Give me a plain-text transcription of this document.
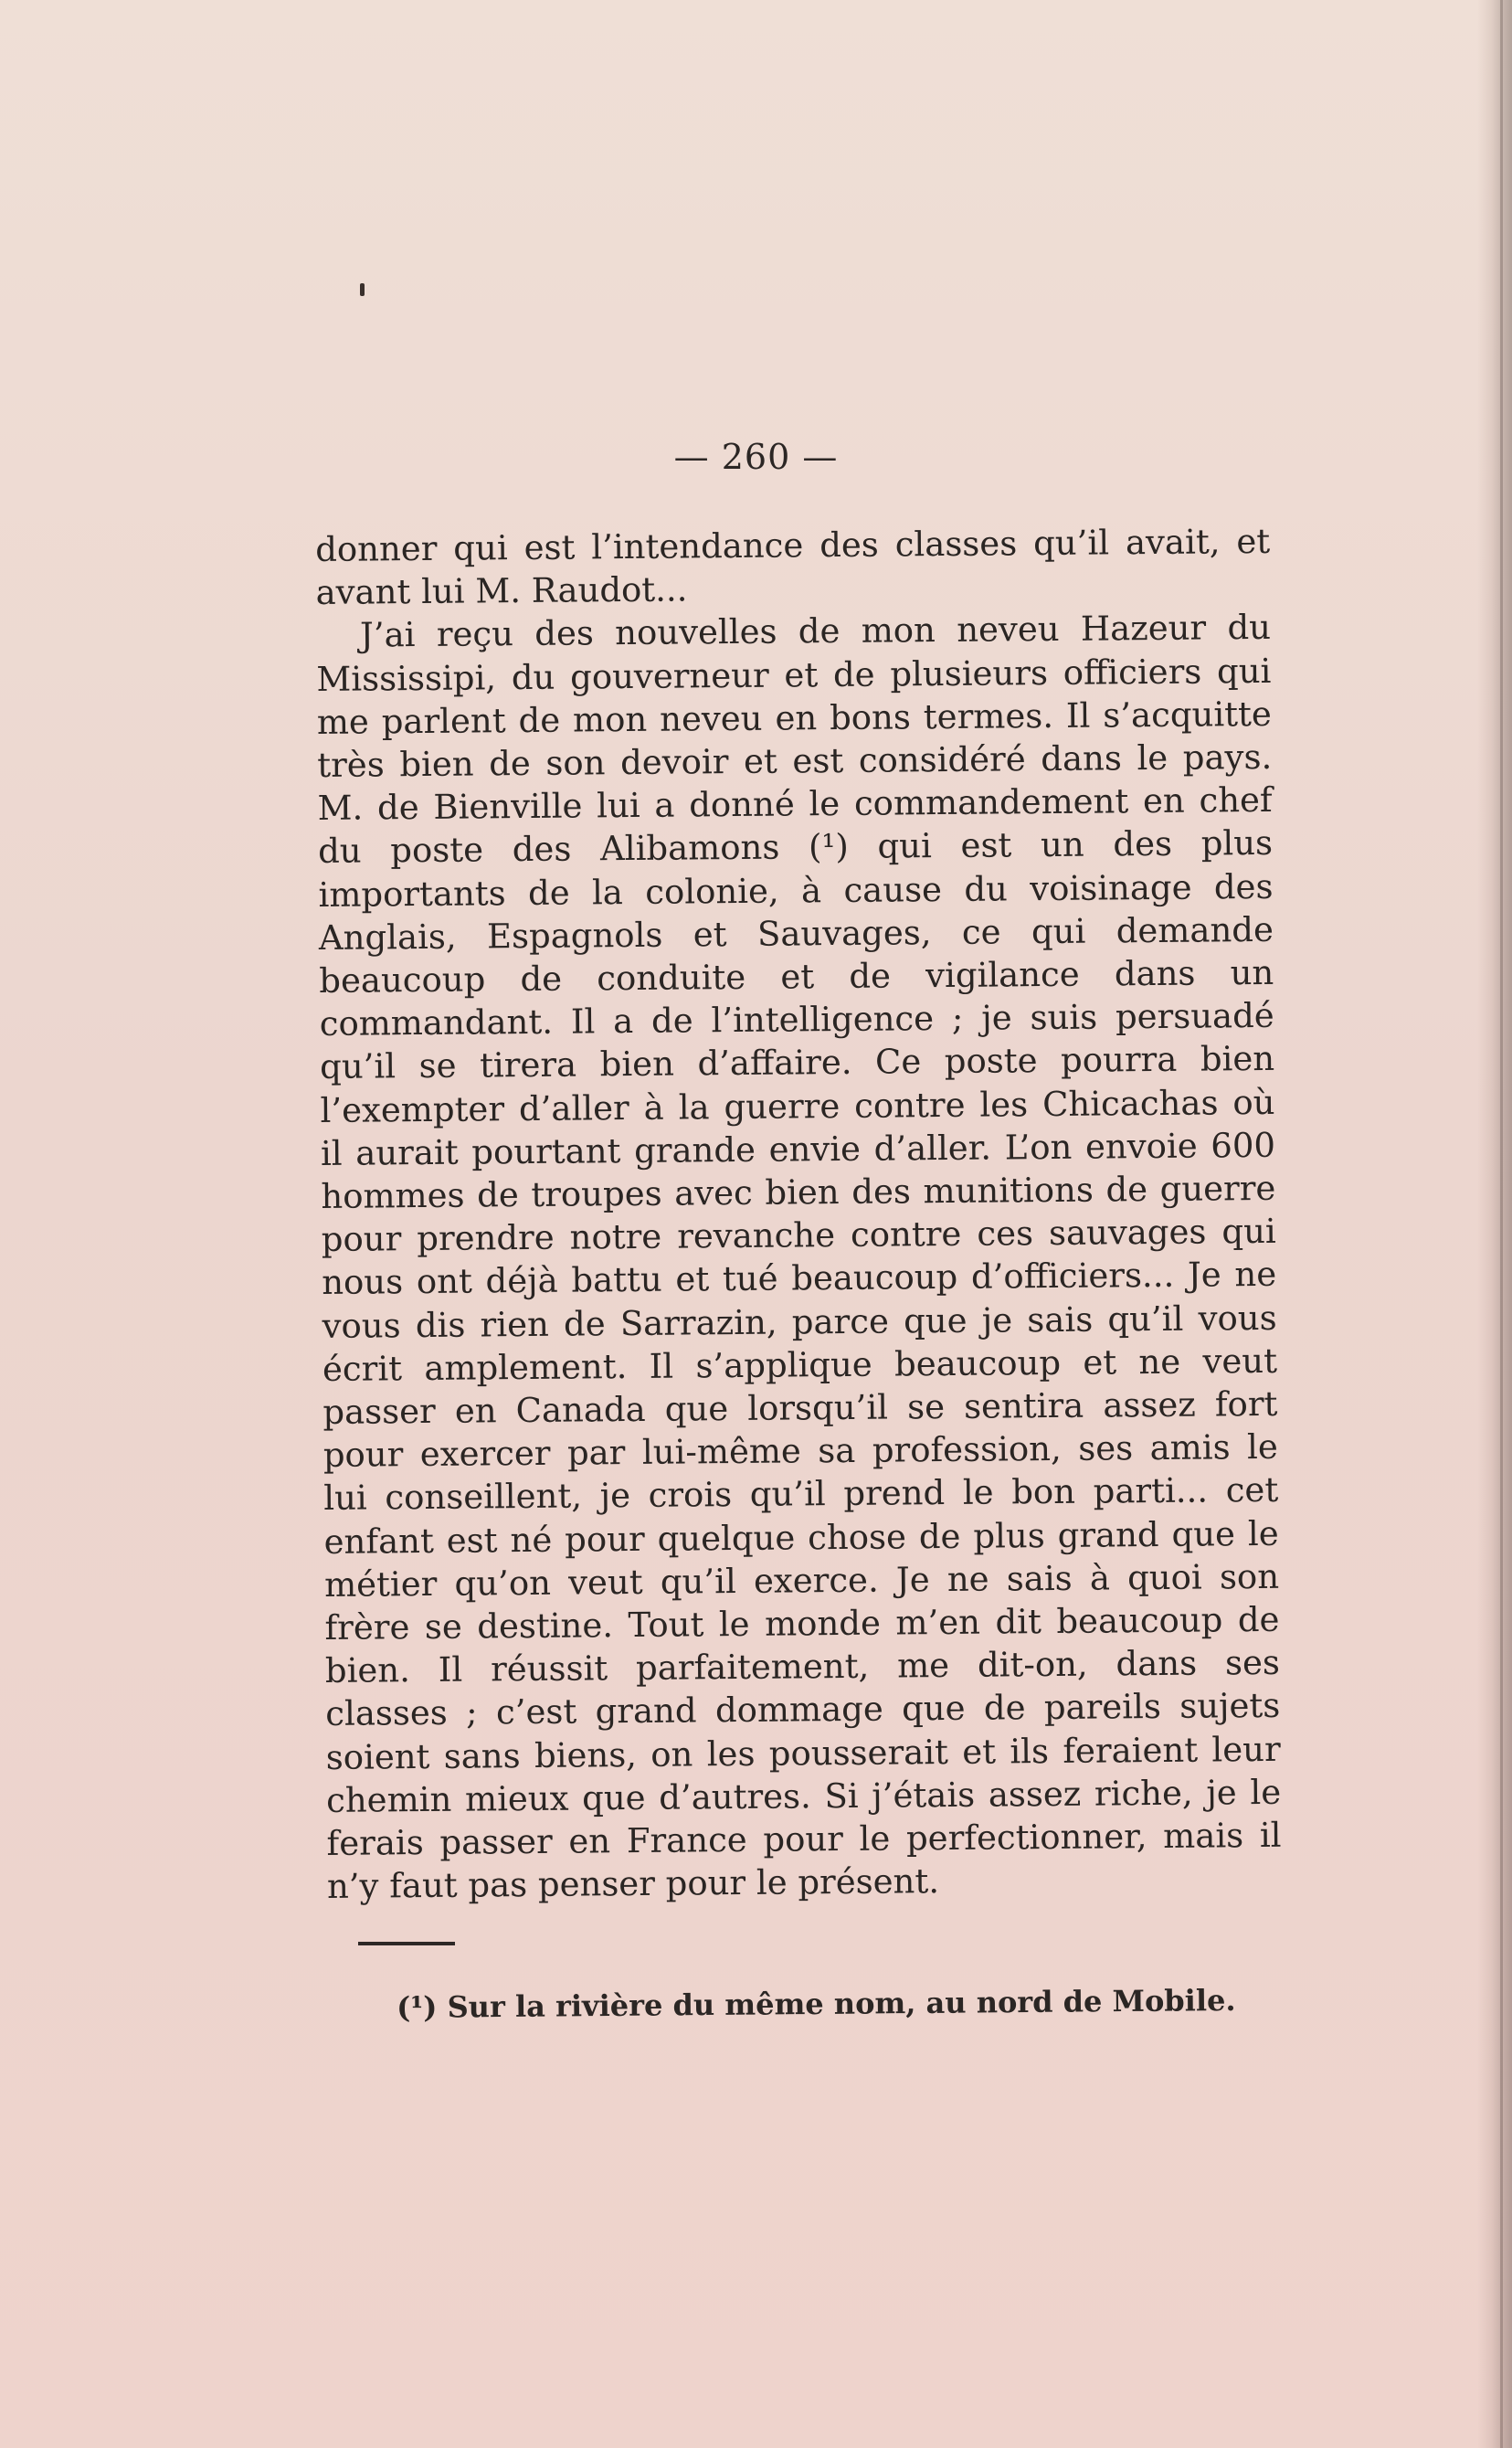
— 260 —

donner qui est l’intendance des classes qu’il avait, et avant lui M. Raudot...

J’ai reçu des nouvelles de mon neveu Hazeur du Mississipi, du gouverneur et de plusieurs officiers qui me parlent de mon neveu en bons termes. Il s’acquitte très bien de son devoir et est considéré dans le pays. M. de Bienville lui a donné le commandement en chef du poste des Alibamons (¹) qui est un des plus importants de la colonie, à cause du voisinage des Anglais, Espagnols et Sauvages, ce qui demande beaucoup de conduite et de vigilance dans un commandant. Il a de l’intelligence ; je suis persuadé qu’il se tirera bien d’affaire. Ce poste pourra bien l’exempter d’aller à la guerre contre les Chicachas où il aurait pourtant grande envie d’aller. L’on envoie 600 hommes de troupes avec bien des munitions de guerre pour prendre notre revanche contre ces sauvages qui nous ont déjà battu et tué beaucoup d’officiers... Je ne vous dis rien de Sarrazin, parce que je sais qu’il vous écrit amplement. Il s’applique beaucoup et ne veut passer en Canada que lorsqu’il se sentira assez fort pour exercer par lui-même sa profession, ses amis le lui conseillent, je crois qu’il prend le bon parti... cet enfant est né pour quelque chose de plus grand que le métier qu’on veut qu’il exerce. Je ne sais à quoi son frère se destine. Tout le monde m’en dit beaucoup de bien. Il réussit parfaitement, me dit-on, dans ses classes ; c’est grand dommage que de pareils sujets soient sans biens, on les pousserait et ils feraient leur chemin mieux que d’autres. Si j’étais assez riche, je le ferais passer en France pour le perfectionner, mais il n’y faut pas penser pour le présent.

(¹) Sur la rivière du même nom, au nord de Mobile.
